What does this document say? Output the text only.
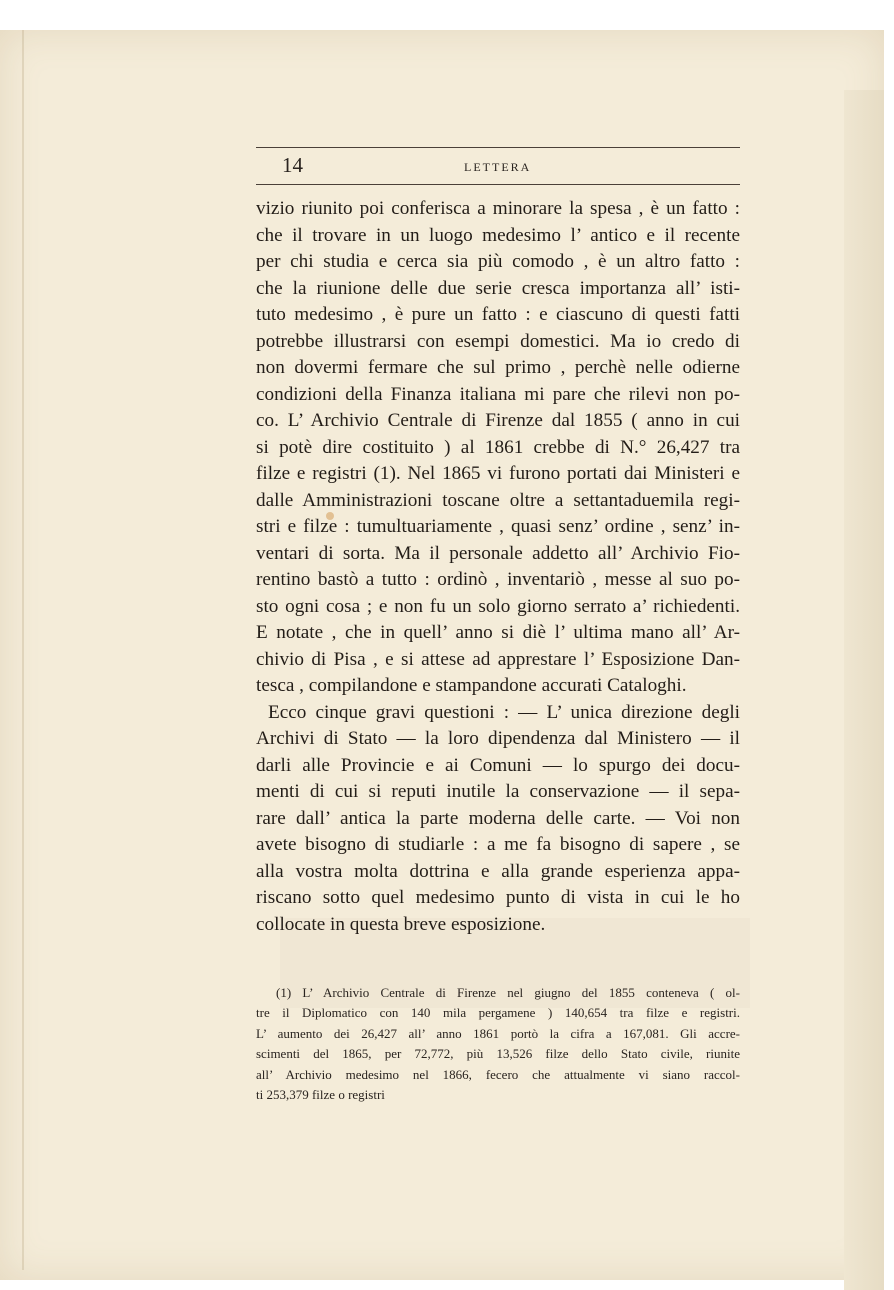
14	LETTERA
vizio riunito poi conferisca a minorare la spesa , è un fatto :
che il trovare in un luogo medesimo l’ antico e il recente
per chi studia e cerca sia più comodo , è un altro fatto :
che la riunione delle due serie cresca importanza all’ isti-
tuto medesimo , è pure un fatto : e ciascuno di questi fatti
potrebbe illustrarsi con esempi domestici. Ma io credo di
non dovermi fermare che sul primo , perchè nelle odierne
condizioni della Finanza italiana mi pare che rilevi non po-
co. L’ Archivio Centrale di Firenze dal 1855 ( anno in cui
si potè dire costituito ) al 1861 crebbe di N.° 26,427 tra
filze e registri (1). Nel 1865 vi furono portati dai Ministeri e
dalle Amministrazioni toscane oltre a settantaduemila regi-
stri e filze : tumultuariamente , quasi senz’ ordine , senz’ in-
ventari di sorta. Ma il personale addetto all’ Archivio Fio-
rentino bastò a tutto : ordinò , inventariò , messe al suo po-
sto ogni cosa ; e non fu un solo giorno serrato a’ richiedenti.
E notate , che in quell’ anno si diè l’ ultima mano all’ Ar-
chivio di Pisa , e si attese ad apprestare l’ Esposizione Dan-
tesca , compilandone e stampandone accurati Cataloghi.
Ecco cinque gravi questioni : — L’ unica direzione degli
Archivi di Stato — la loro dipendenza dal Ministero — il
darli alle Provincie e ai Comuni — lo spurgo dei docu-
menti di cui si reputi inutile la conservazione — il sepa-
rare dall’ antica la parte moderna delle carte. — Voi non
avete bisogno di studiarle : a me fa bisogno di sapere , se
alla vostra molta dottrina e alla grande esperienza appa-
riscano sotto quel medesimo punto di vista in cui le ho
collocate in questa breve esposizione.
(1) L’ Archivio Centrale di Firenze nel giugno del 1855 conteneva ( ol-
tre il Diplomatico con 140 mila pergamene ) 140,654 tra filze e registri.
L’ aumento dei 26,427 all’ anno 1861 portò la cifra a 167,081. Gli accre-
scimenti del 1865, per 72,772, più 13,526 filze dello Stato civile, riunite
all’ Archivio medesimo nel 1866, fecero che attualmente vi siano raccol-
ti 253,379 filze o registri
